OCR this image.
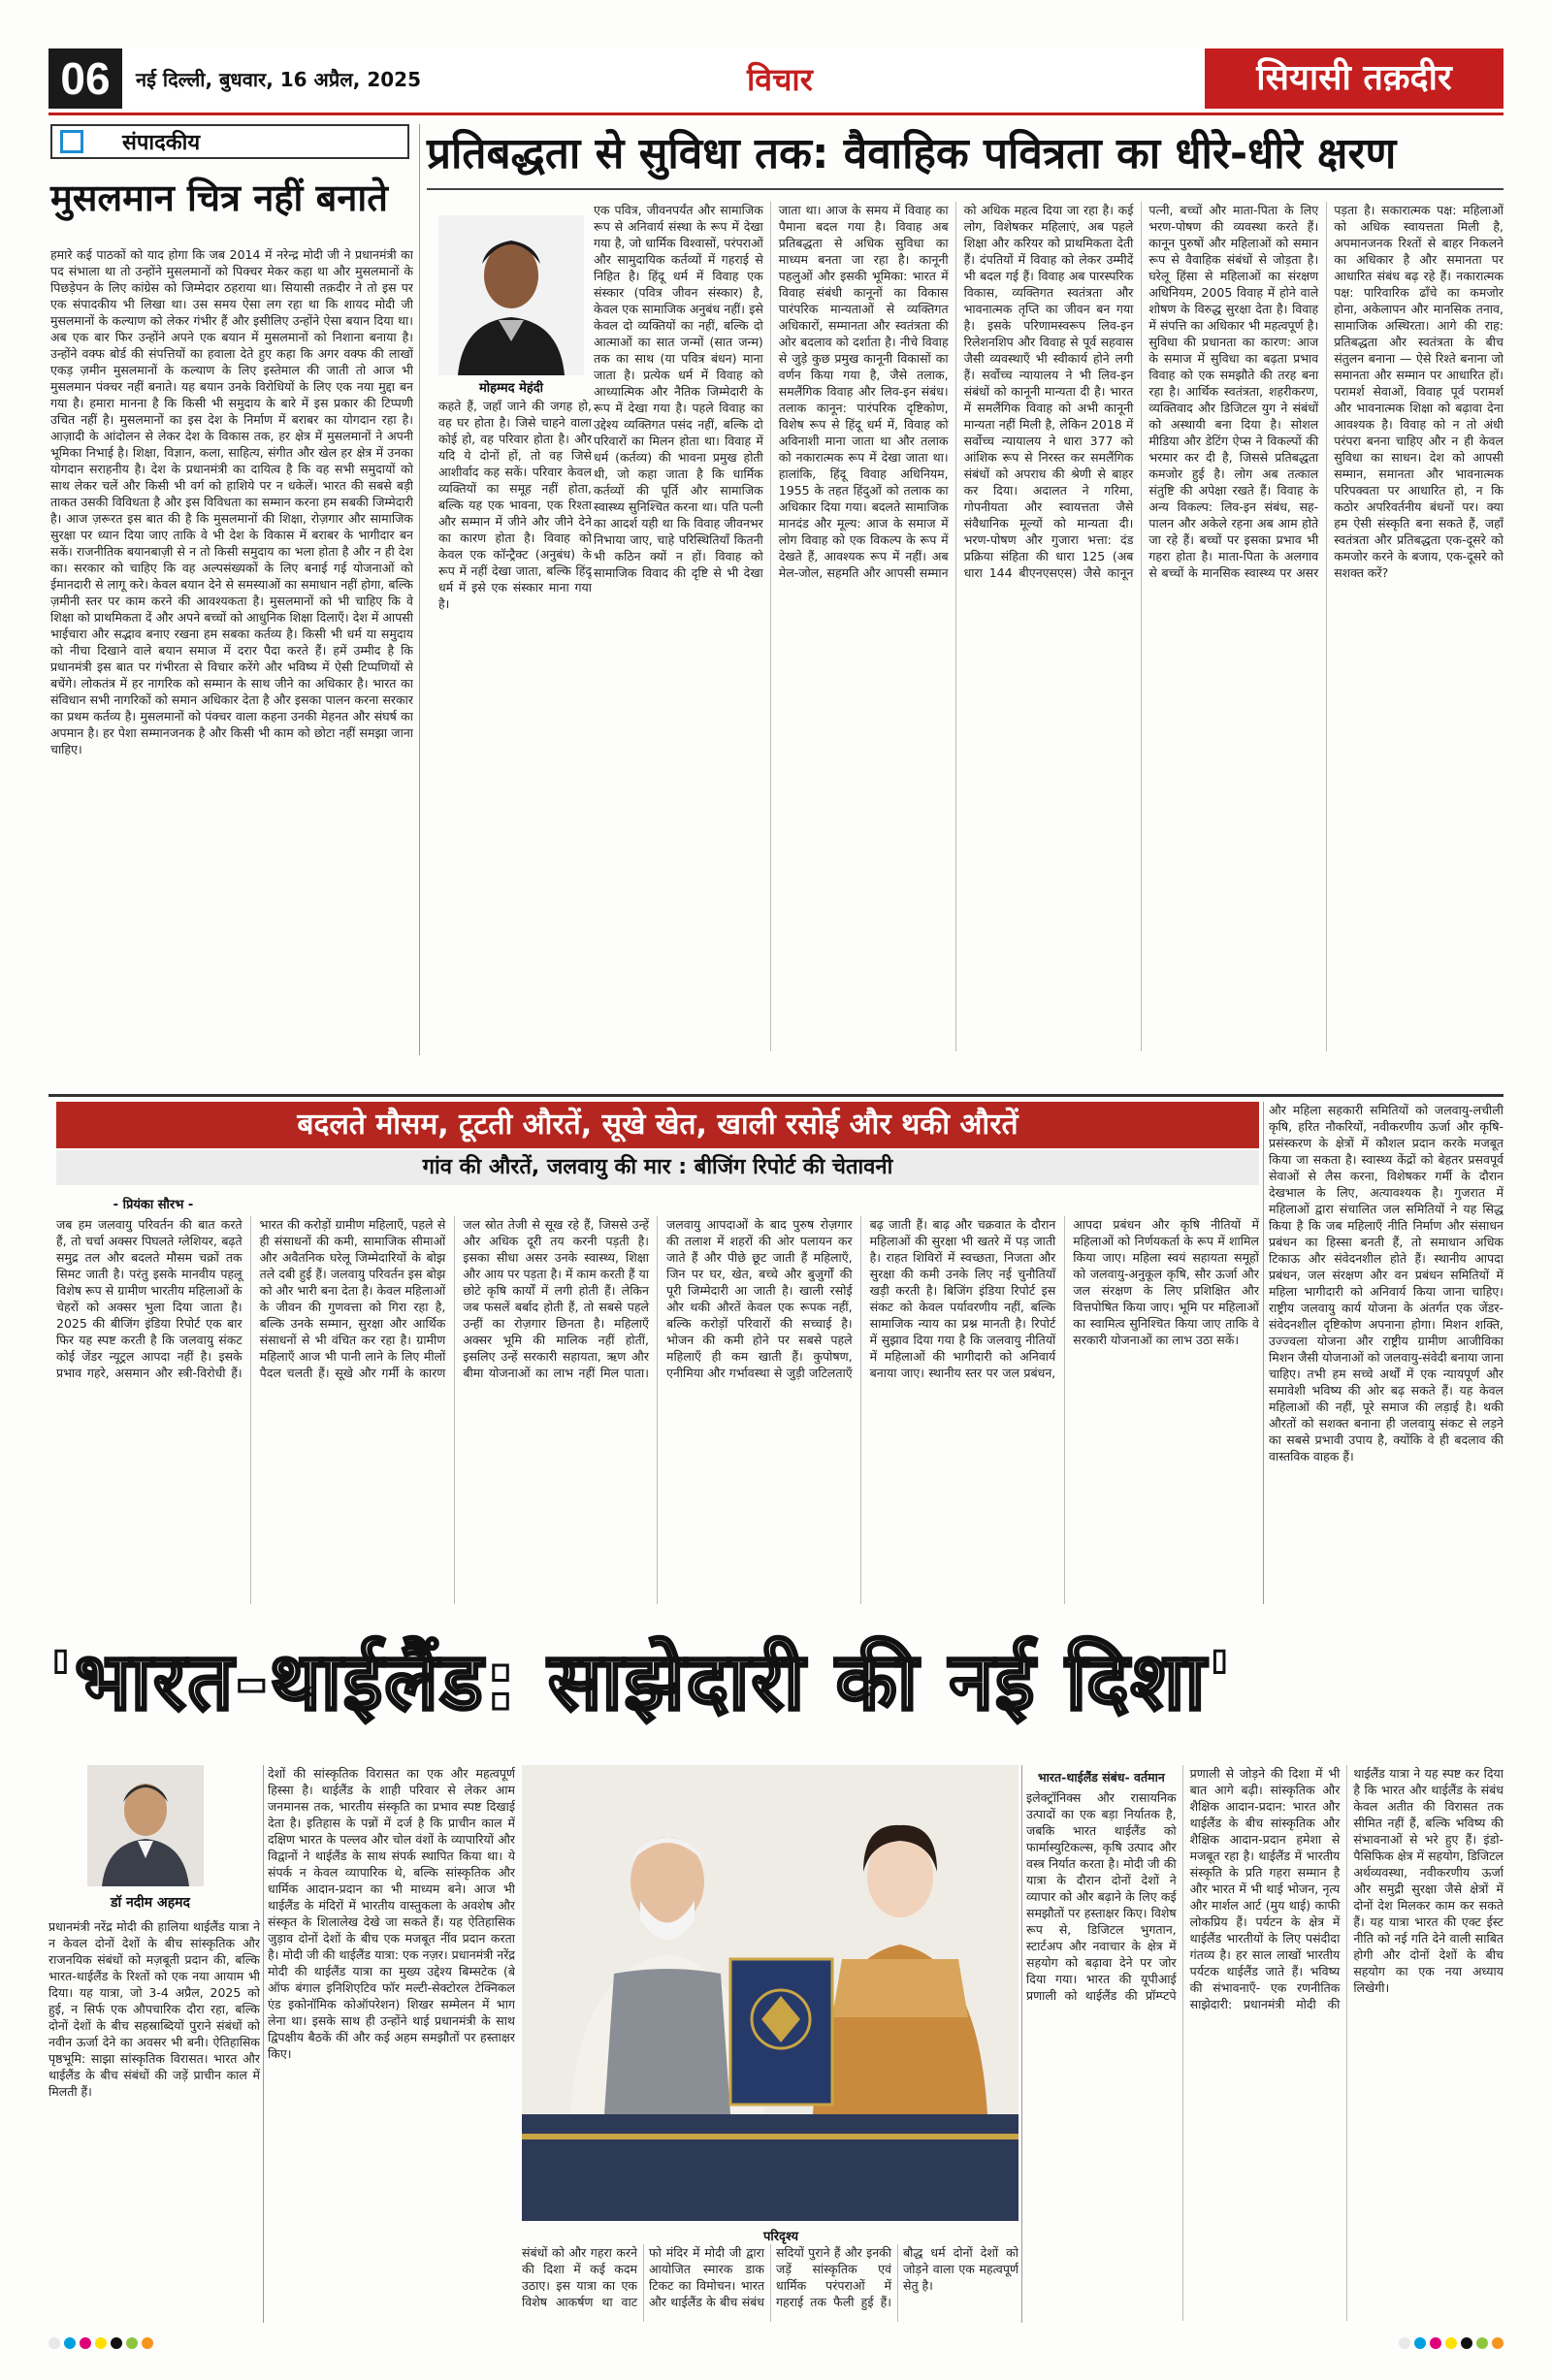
06	नई दिल्ली, बुधवार, 16 अप्रैल, 2025	विचार	सियासी तक़दीर
संपादकीय
मुसलमान चित्र नहीं बनाते
हमारे कई पाठकों को याद होगा कि जब 2014 में नरेन्द्र मोदी जी ने प्रधानमंत्री का पद संभाला था तो उन्होंने मुसलमानों को पिक्चर मेकर कहा था और मुसलमानों के पिछड़ेपन के लिए कांग्रेस को जिम्मेदार ठहराया था। सियासी तक़दीर ने तो इस पर एक संपादकीय भी लिखा था। उस समय ऐसा लग रहा था कि शायद मोदी जी मुसलमानों के कल्याण को लेकर गंभीर हैं और इसीलिए उन्होंने ऐसा बयान दिया था। अब एक बार फिर उन्होंने अपने एक बयान में मुसलमानों को निशाना बनाया है। उन्होंने वक्फ बोर्ड की संपत्तियों का हवाला देते हुए कहा कि अगर वक्फ की लाखों एकड़ ज़मीन मुसलमानों के कल्याण के लिए इस्तेमाल की जाती तो आज भी मुसलमान पंक्चर नहीं बनाते। यह बयान उनके विरोधियों के लिए एक नया मुद्दा बन गया है। हमारा मानना है कि किसी भी समुदाय के बारे में इस प्रकार की टिप्पणी उचित नहीं है। मुसलमानों का इस देश के निर्माण में बराबर का योगदान रहा है। आज़ादी के आंदोलन से लेकर देश के विकास तक, हर क्षेत्र में मुसलमानों ने अपनी भूमिका निभाई है। शिक्षा, विज्ञान, कला, साहित्य, संगीत और खेल हर क्षेत्र में उनका योगदान सराहनीय है। देश के प्रधानमंत्री का दायित्व है कि वह सभी समुदायों को साथ लेकर चलें और किसी भी वर्ग को हाशिये पर न धकेलें। भारत की सबसे बड़ी ताकत उसकी विविधता है और इस विविधता का सम्मान करना हम सबकी जिम्मेदारी है। आज ज़रूरत इस बात की है कि मुसलमानों की शिक्षा, रोज़गार और सामाजिक सुरक्षा पर ध्यान दिया जाए ताकि वे भी देश के विकास में बराबर के भागीदार बन सकें। राजनीतिक बयानबाज़ी से न तो किसी समुदाय का भला होता है और न ही देश का। सरकार को चाहिए कि वह अल्पसंख्यकों के लिए बनाई गई योजनाओं को ईमानदारी से लागू करे। केवल बयान देने से समस्याओं का समाधान नहीं होगा, बल्कि ज़मीनी स्तर पर काम करने की आवश्यकता है। मुसलमानों को भी चाहिए कि वे शिक्षा को प्राथमिकता दें और अपने बच्चों को आधुनिक शिक्षा दिलाएँ। देश में आपसी भाईचारा और सद्भाव बनाए रखना हम सबका कर्तव्य है। किसी भी धर्म या समुदाय को नीचा दिखाने वाले बयान समाज में दरार पैदा करते हैं। हमें उम्मीद है कि प्रधानमंत्री इस बात पर गंभीरता से विचार करेंगे और भविष्य में ऐसी टिप्पणियों से बचेंगे। लोकतंत्र में हर नागरिक को सम्मान के साथ जीने का अधिकार है। भारत का संविधान सभी नागरिकों को समान अधिकार देता है और इसका पालन करना सरकार का प्रथम कर्तव्य है। मुसलमानों को पंक्चर वाला कहना उनकी मेहनत और संघर्ष का अपमान है। हर पेशा सम्मानजनक है और किसी भी काम को छोटा नहीं समझा जाना चाहिए।
प्रतिबद्धता से सुविधा तक: वैवाहिक पवित्रता का धीरे-धीरे क्षरण
मोहम्मद मेहंदी
कहते हैं, जहाँ जाने की जगह हो, वह घर होता है। जिसे चाहने वाला कोई हो, वह परिवार होता है। और यदि ये दोनों हों, तो वह जिसे आशीर्वाद कह सकें। परिवार केवल व्यक्तियों का समूह नहीं होता, बल्कि यह एक भावना, एक रिश्ता और सम्मान में जीने और जीने देने का कारण होता है। विवाह को केवल एक कॉन्ट्रैक्ट (अनुबंध) के रूप में नहीं देखा जाता, बल्कि हिंदू धर्म में इसे एक संस्कार माना गया है।
एक पवित्र, जीवनपर्यंत और सामाजिक रूप से अनिवार्य संस्था के रूप में देखा गया है, जो धार्मिक विश्वासों, परंपराओं और सामुदायिक कर्तव्यों में गहराई से निहित है। हिंदू धर्म में विवाह एक संस्कार (पवित्र जीवन संस्कार) है, केवल एक सामाजिक अनुबंध नहीं। इसे केवल दो व्यक्तियों का नहीं, बल्कि दो आत्माओं का सात जन्मों (सात जन्म) तक का साथ (या पवित्र बंधन) माना जाता है। प्रत्येक धर्म में विवाह को आध्यात्मिक और नैतिक जिम्मेदारी के रूप में देखा गया है। पहले विवाह का उद्देश्य व्यक्तिगत पसंद नहीं, बल्कि दो परिवारों का मिलन होता था। विवाह में धर्म (कर्तव्य) की भावना प्रमुख होती थी, जो कहा जाता है कि धार्मिक कर्तव्यों की पूर्ति और सामाजिक स्वास्थ्य सुनिश्चित करना था। पति पत्नी का आदर्श यही था कि विवाह जीवनभर निभाया जाए, चाहे परिस्थितियाँ कितनी भी कठिन क्यों न हों। विवाह को सामाजिक विवाद की दृष्टि से भी देखा जाता था। आज के समय में विवाह का पैमाना बदल गया है। विवाह अब प्रतिबद्धता से अधिक सुविधा का माध्यम बनता जा रहा है। कानूनी पहलुओं और इसकी भूमिका: भारत में विवाह संबंधी कानूनों का विकास पारंपरिक मान्यताओं से व्यक्तिगत अधिकारों, सम्मानता और स्वतंत्रता की ओर बदलाव को दर्शाता है। नीचे विवाह से जुड़े कुछ प्रमुख कानूनी विकासों का वर्णन किया गया है, जैसे तलाक, समलैंगिक विवाह और लिव-इन संबंध। तलाक कानून: पारंपरिक दृष्टिकोण, विशेष रूप से हिंदू धर्म में, विवाह को अविनाशी माना जाता था और तलाक को नकारात्मक रूप में देखा जाता था। हालांकि, हिंदू विवाह अधिनियम, 1955 के तहत हिंदुओं को तलाक का अधिकार दिया गया। बदलते सामाजिक मानदंड और मूल्य: आज के समाज में लोग विवाह को एक विकल्प के रूप में देखते हैं, आवश्यक रूप में नहीं। अब मेल-जोल, सहमति और आपसी सम्मान को अधिक महत्व दिया जा रहा है। कई लोग, विशेषकर महिलाएं, अब पहले शिक्षा और करियर को प्राथमिकता देती हैं। दंपतियों में विवाह को लेकर उम्मीदें भी बदल गई हैं। विवाह अब पारस्परिक विकास, व्यक्तिगत स्वतंत्रता और भावनात्मक तृप्ति का जीवन बन गया है। इसके परिणामस्वरूप लिव-इन रिलेशनशिप और विवाह से पूर्व सहवास जैसी व्यवस्थाएँ भी स्वीकार्य होने लगी हैं। सर्वोच्च न्यायालय ने भी लिव-इन संबंधों को कानूनी मान्यता दी है। भारत में समलैंगिक विवाह को अभी कानूनी मान्यता नहीं मिली है, लेकिन 2018 में सर्वोच्च न्यायालय ने धारा 377 को आंशिक रूप से निरस्त कर समलैंगिक संबंधों को अपराध की श्रेणी से बाहर कर दिया। अदालत ने गरिमा, गोपनीयता और स्वायत्तता जैसे संवैधानिक मूल्यों को मान्यता दी। भरण-पोषण और गुजारा भत्ता: दंड प्रक्रिया संहिता की धारा 125 (अब धारा 144 बीएनएसएस) जैसे कानून पत्नी, बच्चों और माता-पिता के लिए भरण-पोषण की व्यवस्था करते हैं। कानून पुरुषों और महिलाओं को समान रूप से वैवाहिक संबंधों से जोड़ता है। घरेलू हिंसा से महिलाओं का संरक्षण अधिनियम, 2005 विवाह में होने वाले शोषण के विरुद्ध सुरक्षा देता है। विवाह में संपत्ति का अधिकार भी महत्वपूर्ण है। सुविधा की प्रधानता का कारण: आज के समाज में सुविधा का बढ़ता प्रभाव विवाह को एक समझौते की तरह बना रहा है। आर्थिक स्वतंत्रता, शहरीकरण, व्यक्तिवाद और डिजिटल युग ने संबंधों को अस्थायी बना दिया है। सोशल मीडिया और डेटिंग ऐप्स ने विकल्पों की भरमार कर दी है, जिससे प्रतिबद्धता कमजोर हुई है। लोग अब तत्काल संतुष्टि की अपेक्षा रखते हैं। विवाह के अन्य विकल्प: लिव-इन संबंध, सह-पालन और अकेले रहना अब आम होते जा रहे हैं। बच्चों पर इसका प्रभाव भी गहरा होता है। माता-पिता के अलगाव से बच्चों के मानसिक स्वास्थ्य पर असर पड़ता है। सकारात्मक पक्ष: महिलाओं को अधिक स्वायत्तता मिली है, अपमानजनक रिश्तों से बाहर निकलने का अधिकार है और समानता पर आधारित संबंध बढ़ रहे हैं। नकारात्मक पक्ष: पारिवारिक ढाँचे का कमजोर होना, अकेलापन और मानसिक तनाव, सामाजिक अस्थिरता। आगे की राह: प्रतिबद्धता और स्वतंत्रता के बीच संतुलन बनाना — ऐसे रिश्ते बनाना जो समानता और सम्मान पर आधारित हों। परामर्श सेवाओं, विवाह पूर्व परामर्श और भावनात्मक शिक्षा को बढ़ावा देना आवश्यक है। विवाह को न तो अंधी परंपरा बनना चाहिए और न ही केवल सुविधा का साधन। देश को आपसी सम्मान, समानता और भावनात्मक परिपक्वता पर आधारित हो, न कि कठोर अपरिवर्तनीय बंधनों पर। क्या हम ऐसी संस्कृति बना सकते हैं, जहाँ स्वतंत्रता और प्रतिबद्धता एक-दूसरे को कमजोर करने के बजाय, एक-दूसरे को सशक्त करें?
बदलते मौसम, टूटती औरतें, सूखे खेत, खाली रसोई और थकी औरतें
गांव की औरतें, जलवायु की मार : बीजिंग रिपोर्ट की चेतावनी
- प्रियंका सौरभ -
जब हम जलवायु परिवर्तन की बात करते हैं, तो चर्चा अक्सर पिघलते ग्लेशियर, बढ़ते समुद्र तल और बदलते मौसम चक्रों तक सिमट जाती है। परंतु इसके मानवीय पहलू विशेष रूप से ग्रामीण भारतीय महिलाओं के चेहरों को अक्सर भुला दिया जाता है। 2025 की बीजिंग इंडिया रिपोर्ट एक बार फिर यह स्पष्ट करती है कि जलवायु संकट कोई जेंडर न्यूट्रल आपदा नहीं है। इसके प्रभाव गहरे, असमान और स्त्री-विरोधी हैं। भारत की करोड़ों ग्रामीण महिलाएँ, पहले से ही संसाधनों की कमी, सामाजिक सीमाओं और अवैतनिक घरेलू जिम्मेदारियों के बोझ तले दबी हुई हैं। जलवायु परिवर्तन इस बोझ को और भारी बना देता है। केवल महिलाओं के जीवन की गुणवत्ता को गिरा रहा है, बल्कि उनके सम्मान, सुरक्षा और आर्थिक संसाधनों से भी वंचित कर रहा है। ग्रामीण महिलाएँ आज भी पानी लाने के लिए मीलों पैदल चलती हैं। सूखे और गर्मी के कारण जल स्रोत तेजी से सूख रहे हैं, जिससे उन्हें और अधिक दूरी तय करनी पड़ती है। इसका सीधा असर उनके स्वास्थ्य, शिक्षा और आय पर पड़ता है। में काम करती हैं या छोटे कृषि कार्यों में लगी होती हैं। लेकिन जब फसलें बर्बाद होती हैं, तो सबसे पहले उन्हीं का रोज़गार छिनता है। महिलाएँ अक्सर भूमि की मालिक नहीं होतीं, इसलिए उन्हें सरकारी सहायता, ऋण और बीमा योजनाओं का लाभ नहीं मिल पाता। जलवायु आपदाओं के बाद पुरुष रोज़गार की तलाश में शहरों की ओर पलायन कर जाते हैं और पीछे छूट जाती हैं महिलाएँ, जिन पर घर, खेत, बच्चे और बुजुर्गों की पूरी जिम्मेदारी आ जाती है। खाली रसोई और थकी औरतें केवल एक रूपक नहीं, बल्कि करोड़ों परिवारों की सच्चाई है। भोजन की कमी होने पर सबसे पहले महिलाएँ ही कम खाती हैं। कुपोषण, एनीमिया और गर्भावस्था से जुड़ी जटिलताएँ बढ़ जाती हैं। बाढ़ और चक्रवात के दौरान महिलाओं की सुरक्षा भी खतरे में पड़ जाती है। राहत शिविरों में स्वच्छता, निजता और सुरक्षा की कमी उनके लिए नई चुनौतियाँ खड़ी करती है। बिजिंग इंडिया रिपोर्ट इस संकट को केवल पर्यावरणीय नहीं, बल्कि सामाजिक न्याय का प्रश्न मानती है। रिपोर्ट में सुझाव दिया गया है कि जलवायु नीतियों में महिलाओं की भागीदारी को अनिवार्य बनाया जाए। स्थानीय स्तर पर जल प्रबंधन, आपदा प्रबंधन और कृषि नीतियों में महिलाओं को निर्णयकर्ता के रूप में शामिल किया जाए। महिला स्वयं सहायता समूहों को जलवायु-अनुकूल कृषि, सौर ऊर्जा और जल संरक्षण के लिए प्रशिक्षित और वित्तपोषित किया जाए। भूमि पर महिलाओं का स्वामित्व सुनिश्चित किया जाए ताकि वे सरकारी योजनाओं का लाभ उठा सकें।
और महिला सहकारी समितियों को जलवायु-लचीली कृषि, हरित नौकरियों, नवीकरणीय ऊर्जा और कृषि-प्रसंस्करण के क्षेत्रों में कौशल प्रदान करके मजबूत किया जा सकता है। स्वास्थ्य केंद्रों को बेहतर प्रसवपूर्व सेवाओं से लैस करना, विशेषकर गर्मी के दौरान देखभाल के लिए, अत्यावश्यक है। गुजरात में महिलाओं द्वारा संचालित जल समितियों ने यह सिद्ध किया है कि जब महिलाएँ नीति निर्माण और संसाधन प्रबंधन का हिस्सा बनती हैं, तो समाधान अधिक टिकाऊ और संवेदनशील होते हैं। स्थानीय आपदा प्रबंधन, जल संरक्षण और वन प्रबंधन समितियों में महिला भागीदारी को अनिवार्य किया जाना चाहिए। राष्ट्रीय जलवायु कार्य योजना के अंतर्गत एक जेंडर-संवेदनशील दृष्टिकोण अपनाना होगा। मिशन शक्ति, उज्ज्वला योजना और राष्ट्रीय ग्रामीण आजीविका मिशन जैसी योजनाओं को जलवायु-संवेदी बनाया जाना चाहिए। तभी हम सच्चे अर्थों में एक न्यायपूर्ण और समावेशी भविष्य की ओर बढ़ सकते हैं। यह केवल महिलाओं की नहीं, पूरे समाज की लड़ाई है। थकी औरतों को सशक्त बनाना ही जलवायु संकट से लड़ने का सबसे प्रभावी उपाय है, क्योंकि वे ही बदलाव की वास्तविक वाहक हैं।
'भारत-थाईलैंड: साझेदारी की नई दिशा'
डॉ नदीम अहमद
प्रधानमंत्री नरेंद्र मोदी की हालिया थाईलैंड यात्रा ने न केवल दोनों देशों के बीच सांस्कृतिक और राजनयिक संबंधों को मज़बूती प्रदान की, बल्कि भारत-थाईलैंड के रिश्तों को एक नया आयाम भी दिया। यह यात्रा, जो 3-4 अप्रैल, 2025 को हुई, न सिर्फ एक औपचारिक दौरा रहा, बल्कि दोनों देशों के बीच सहस्राब्दियों पुराने संबंधों को नवीन ऊर्जा देने का अवसर भी बनी। ऐतिहासिक पृष्ठभूमि: साझा सांस्कृतिक विरासत। भारत और थाईलैंड के बीच संबंधों की जड़ें प्राचीन काल में मिलती हैं।
देशों की सांस्कृतिक विरासत का एक और महत्वपूर्ण हिस्सा है। थाईलैंड के शाही परिवार से लेकर आम जनमानस तक, भारतीय संस्कृति का प्रभाव स्पष्ट दिखाई देता है। इतिहास के पन्नों में दर्ज है कि प्राचीन काल में दक्षिण भारत के पल्लव और चोल वंशों के व्यापारियों और विद्वानों ने थाईलैंड के साथ संपर्क स्थापित किया था। ये संपर्क न केवल व्यापारिक थे, बल्कि सांस्कृतिक और धार्मिक आदान-प्रदान का भी माध्यम बने। आज भी थाईलैंड के मंदिरों में भारतीय वास्तुकला के अवशेष और संस्कृत के शिलालेख देखे जा सकते हैं। यह ऐतिहासिक जुड़ाव दोनों देशों के बीच एक मजबूत नींव प्रदान करता है। मोदी जी की थाईलैंड यात्रा: एक नज़र। प्रधानमंत्री नरेंद्र मोदी की थाईलैंड यात्रा का मुख्य उद्देश्य बिम्सटेक (बे ऑफ बंगाल इनिशिएटिव फॉर मल्टी-सेक्टोरल टेक्निकल एंड इकोनॉमिक कोऑपरेशन) शिखर सम्मेलन में भाग लेना था। इसके साथ ही उन्होंने थाई प्रधानमंत्री के साथ द्विपक्षीय बैठकें कीं और कई अहम समझौतों पर हस्ताक्षर किए।
परिदृश्य
संबंधों को और गहरा करने की दिशा में कई कदम उठाए। इस यात्रा का एक विशेष आकर्षण था वाट फो मंदिर में मोदी जी द्वारा आयोजित स्मारक डाक टिकट का विमोचन। भारत और थाईलैंड के बीच संबंध सदियों पुराने हैं और इनकी जड़ें सांस्कृतिक एवं धार्मिक परंपराओं में गहराई तक फैली हुई हैं। बौद्ध धर्म दोनों देशों को जोड़ने वाला एक महत्वपूर्ण सेतु है।
भारत-थाईलैंड संबंध- वर्तमान
इलेक्ट्रॉनिक्स और रासायनिक उत्पादों का एक बड़ा निर्यातक है, जबकि भारत थाईलैंड को फार्मास्युटिकल्स, कृषि उत्पाद और वस्त्र निर्यात करता है। मोदी जी की यात्रा के दौरान दोनों देशों ने व्यापार को और बढ़ाने के लिए कई समझौतों पर हस्ताक्षर किए। विशेष रूप से, डिजिटल भुगतान, स्टार्टअप और नवाचार के क्षेत्र में सहयोग को बढ़ावा देने पर जोर दिया गया। भारत की यूपीआई प्रणाली को थाईलैंड की प्रॉम्प्टपे प्रणाली से जोड़ने की दिशा में भी बात आगे बढ़ी। सांस्कृतिक और शैक्षिक आदान-प्रदान: भारत और थाईलैंड के बीच सांस्कृतिक और शैक्षिक आदान-प्रदान हमेशा से मजबूत रहा है। थाईलैंड में भारतीय संस्कृति के प्रति गहरा सम्मान है और भारत में भी थाई भोजन, नृत्य और मार्शल आर्ट (मुय थाई) काफी लोकप्रिय हैं। पर्यटन के क्षेत्र में थाईलैंड भारतीयों के लिए पसंदीदा गंतव्य है। हर साल लाखों भारतीय पर्यटक थाईलैंड जाते हैं। भविष्य की संभावनाएँ- एक रणनीतिक साझेदारी: प्रधानमंत्री मोदी की थाईलैंड यात्रा ने यह स्पष्ट कर दिया है कि भारत और थाईलैंड के संबंध केवल अतीत की विरासत तक सीमित नहीं हैं, बल्कि भविष्य की संभावनाओं से भरे हुए हैं। इंडो-पैसिफिक क्षेत्र में सहयोग, डिजिटल अर्थव्यवस्था, नवीकरणीय ऊर्जा और समुद्री सुरक्षा जैसे क्षेत्रों में दोनों देश मिलकर काम कर सकते हैं। यह यात्रा भारत की एक्ट ईस्ट नीति को नई गति देने वाली साबित होगी और दोनों देशों के बीच सहयोग का एक नया अध्याय लिखेगी।
